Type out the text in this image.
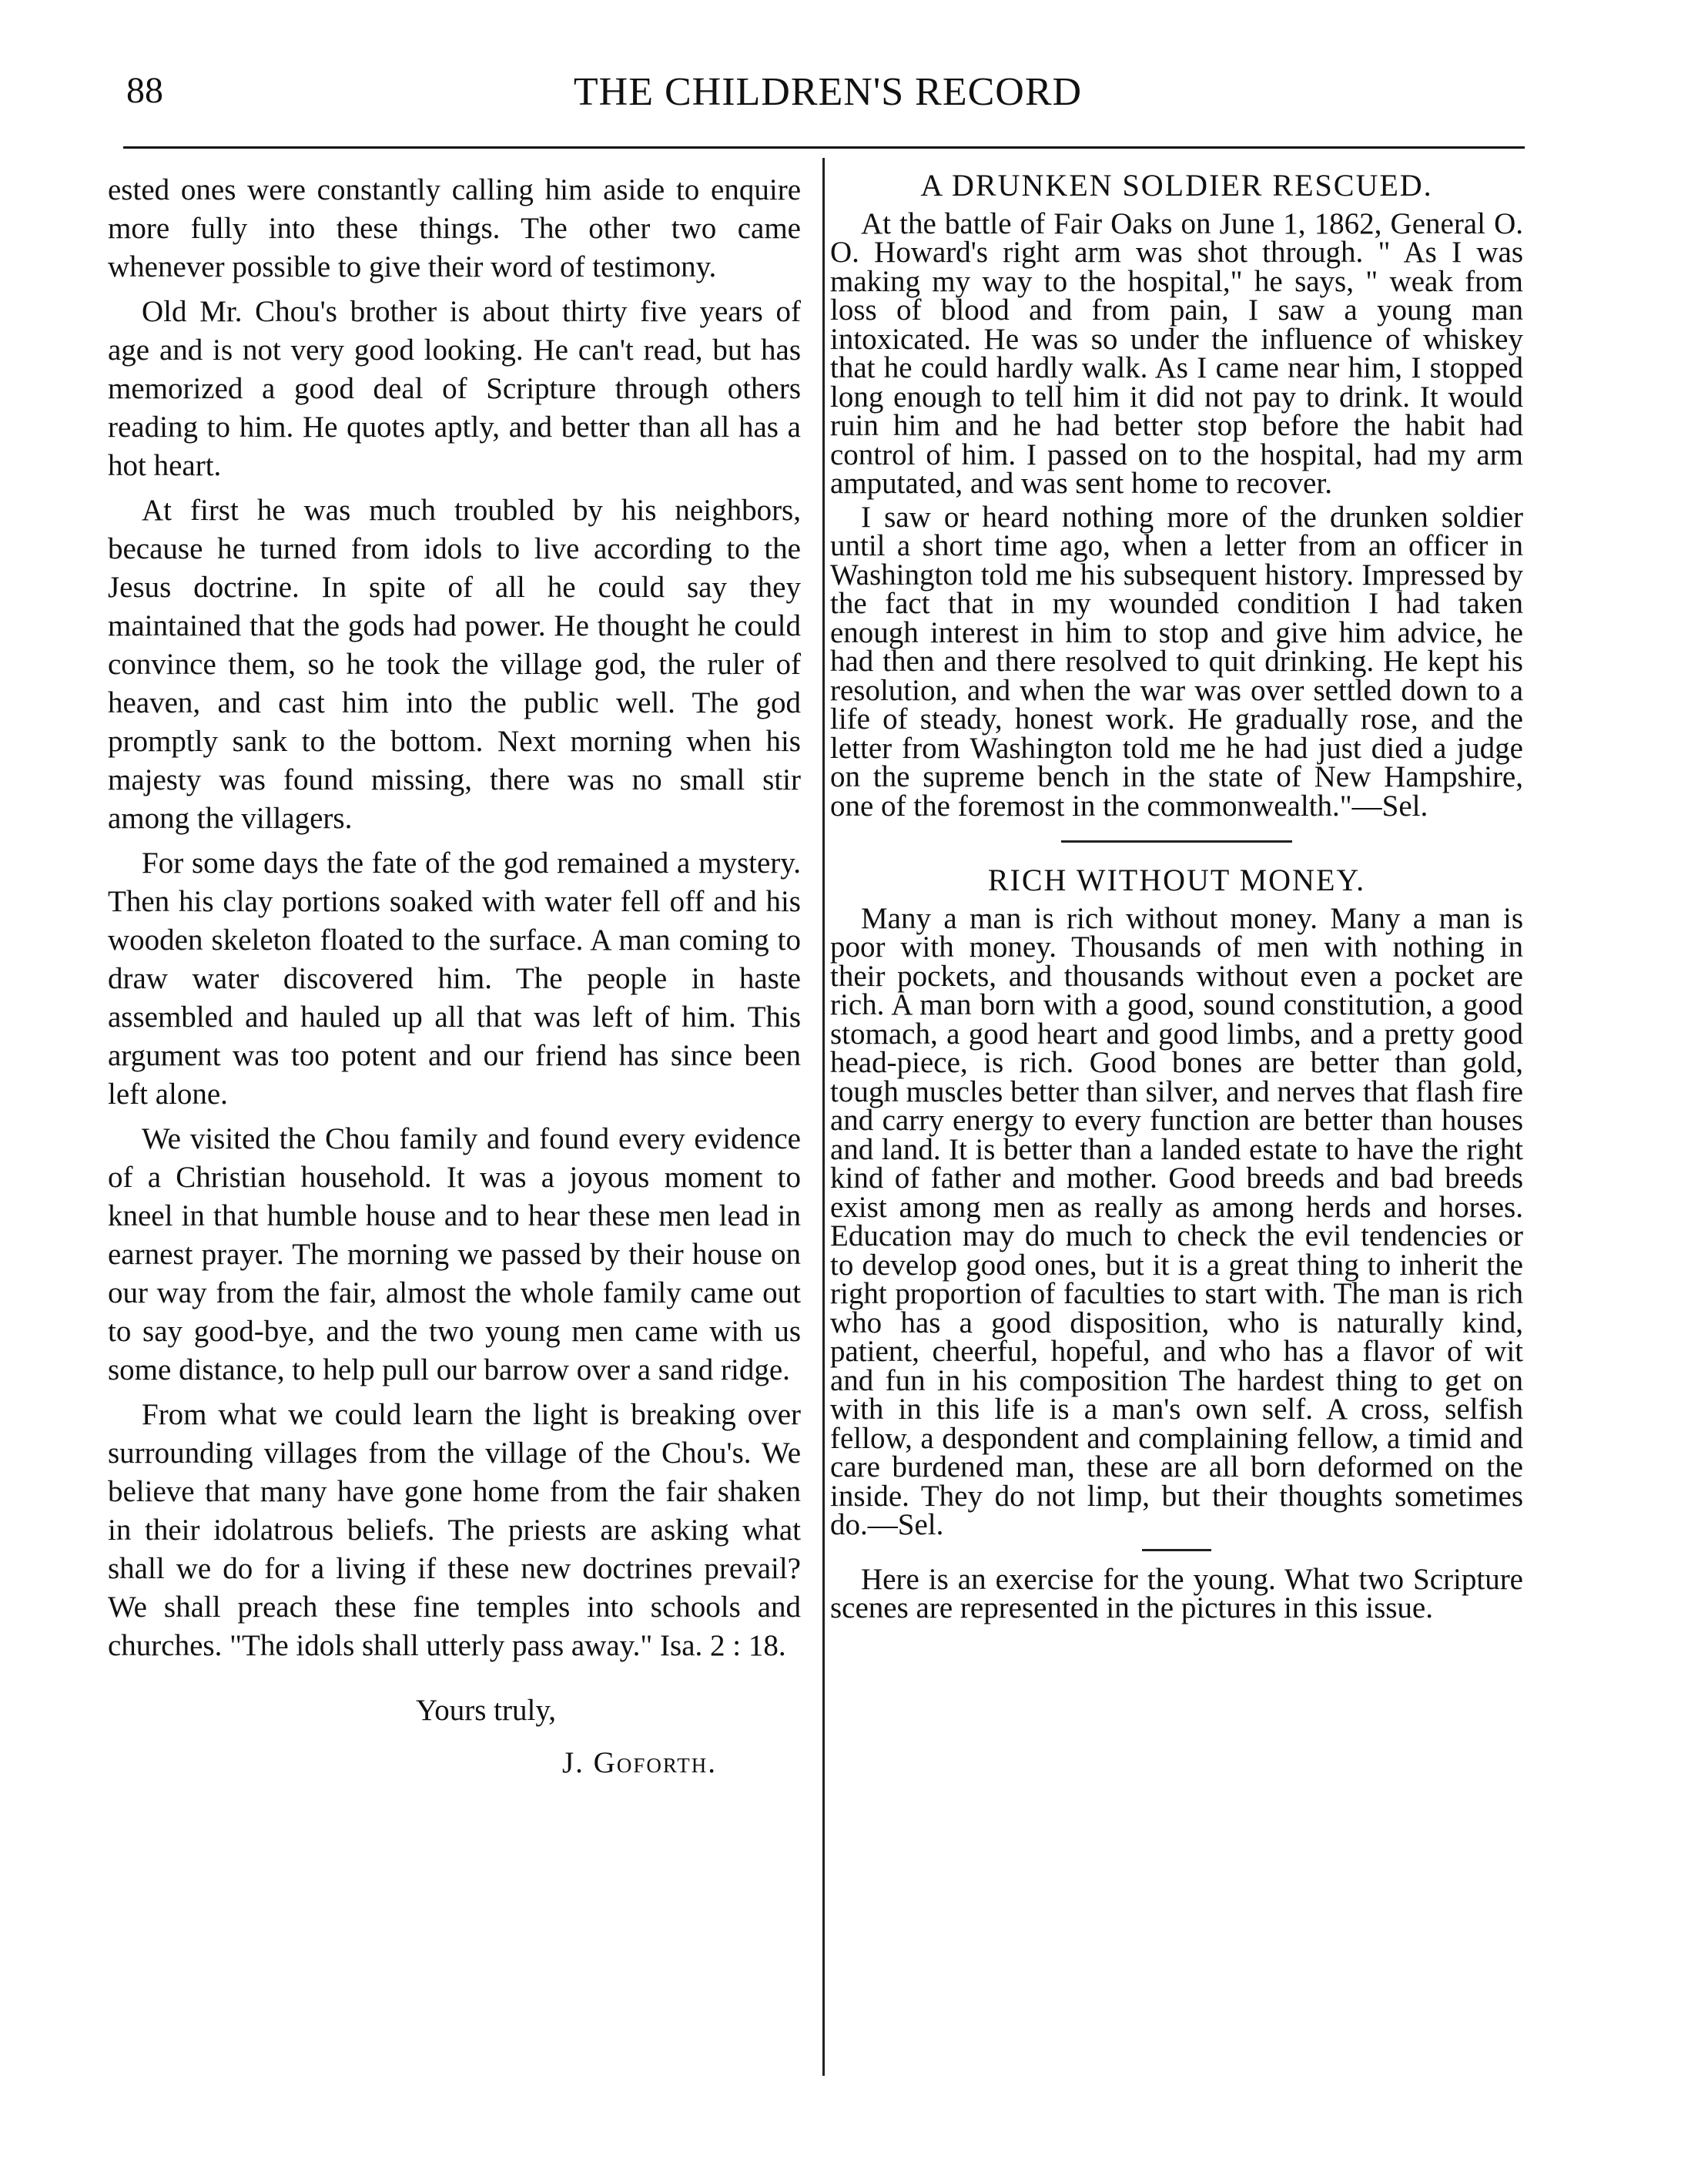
88	THE CHILDREN'S RECORD

ested ones were constantly calling him aside to enquire more fully into these things. The other two came whenever possible to give their word of testimony.

Old Mr. Chou's brother is about thirty five years of age and is not very good looking. He can't read, but has memorized a good deal of Scripture through others reading to him. He quotes aptly, and better than all has a hot heart.

At first he was much troubled by his neighbors, because he turned from idols to live according to the Jesus doctrine. In spite of all he could say they maintained that the gods had power. He thought he could convince them, so he took the village god, the ruler of heaven, and cast him into the public well. The god promptly sank to the bottom. Next morning when his majesty was found missing, there was no small stir among the villagers.

For some days the fate of the god remained a mystery. Then his clay portions soaked with water fell off and his wooden skeleton floated to the surface. A man coming to draw water discovered him. The people in haste assembled and hauled up all that was left of him. This argument was too potent and our friend has since been left alone.

We visited the Chou family and found every evidence of a Christian household. It was a joyous moment to kneel in that humble house and to hear these men lead in earnest prayer. The morning we passed by their house on our way from the fair, almost the whole family came out to say good-bye, and the two young men came with us some distance, to help pull our barrow over a sand ridge.

From what we could learn the light is breaking over surrounding villages from the village of the Chou's. We believe that many have gone home from the fair shaken in their idolatrous beliefs. The priests are asking what shall we do for a living if these new doctrines prevail? We shall preach these fine temples into schools and churches. "The idols shall utterly pass away." Isa. 2 : 18.

Yours truly,
J. Goforth.
A DRUNKEN SOLDIER RESCUED.

At the battle of Fair Oaks on June 1, 1862, General O. O. Howard's right arm was shot through. " As I was making my way to the hospital," he says, " weak from loss of blood and from pain, I saw a young man intoxicated. He was so under the influence of whiskey that he could hardly walk. As I came near him, I stopped long enough to tell him it did not pay to drink. It would ruin him and he had better stop before the habit had control of him. I passed on to the hospital, had my arm amputated, and was sent home to recover.

I saw or heard nothing more of the drunken soldier until a short time ago, when a letter from an officer in Washington told me his subsequent history. Impressed by the fact that in my wounded condition I had taken enough interest in him to stop and give him advice, he had then and there resolved to quit drinking. He kept his resolution, and when the war was over settled down to a life of steady, honest work. He gradually rose, and the letter from Washington told me he had just died a judge on the supreme bench in the state of New Hampshire, one of the foremost in the commonwealth."—Sel.

RICH WITHOUT MONEY.

Many a man is rich without money. Many a man is poor with money. Thousands of men with nothing in their pockets, and thousands without even a pocket are rich. A man born with a good, sound constitution, a good stomach, a good heart and good limbs, and a pretty good head-piece, is rich. Good bones are better than gold, tough muscles better than silver, and nerves that flash fire and carry energy to every function are better than houses and land. It is better than a landed estate to have the right kind of father and mother. Good breeds and bad breeds exist among men as really as among herds and horses. Education may do much to check the evil tendencies or to develop good ones, but it is a great thing to inherit the right proportion of faculties to start with. The man is rich who has a good disposition, who is naturally kind, patient, cheerful, hopeful, and who has a flavor of wit and fun in his composition The hardest thing to get on with in this life is a man's own self. A cross, selfish fellow, a despondent and complaining fellow, a timid and care burdened man, these are all born deformed on the inside. They do not limp, but their thoughts sometimes do.—Sel.

Here is an exercise for the young. What two Scripture scenes are represented in the pictures in this issue.
